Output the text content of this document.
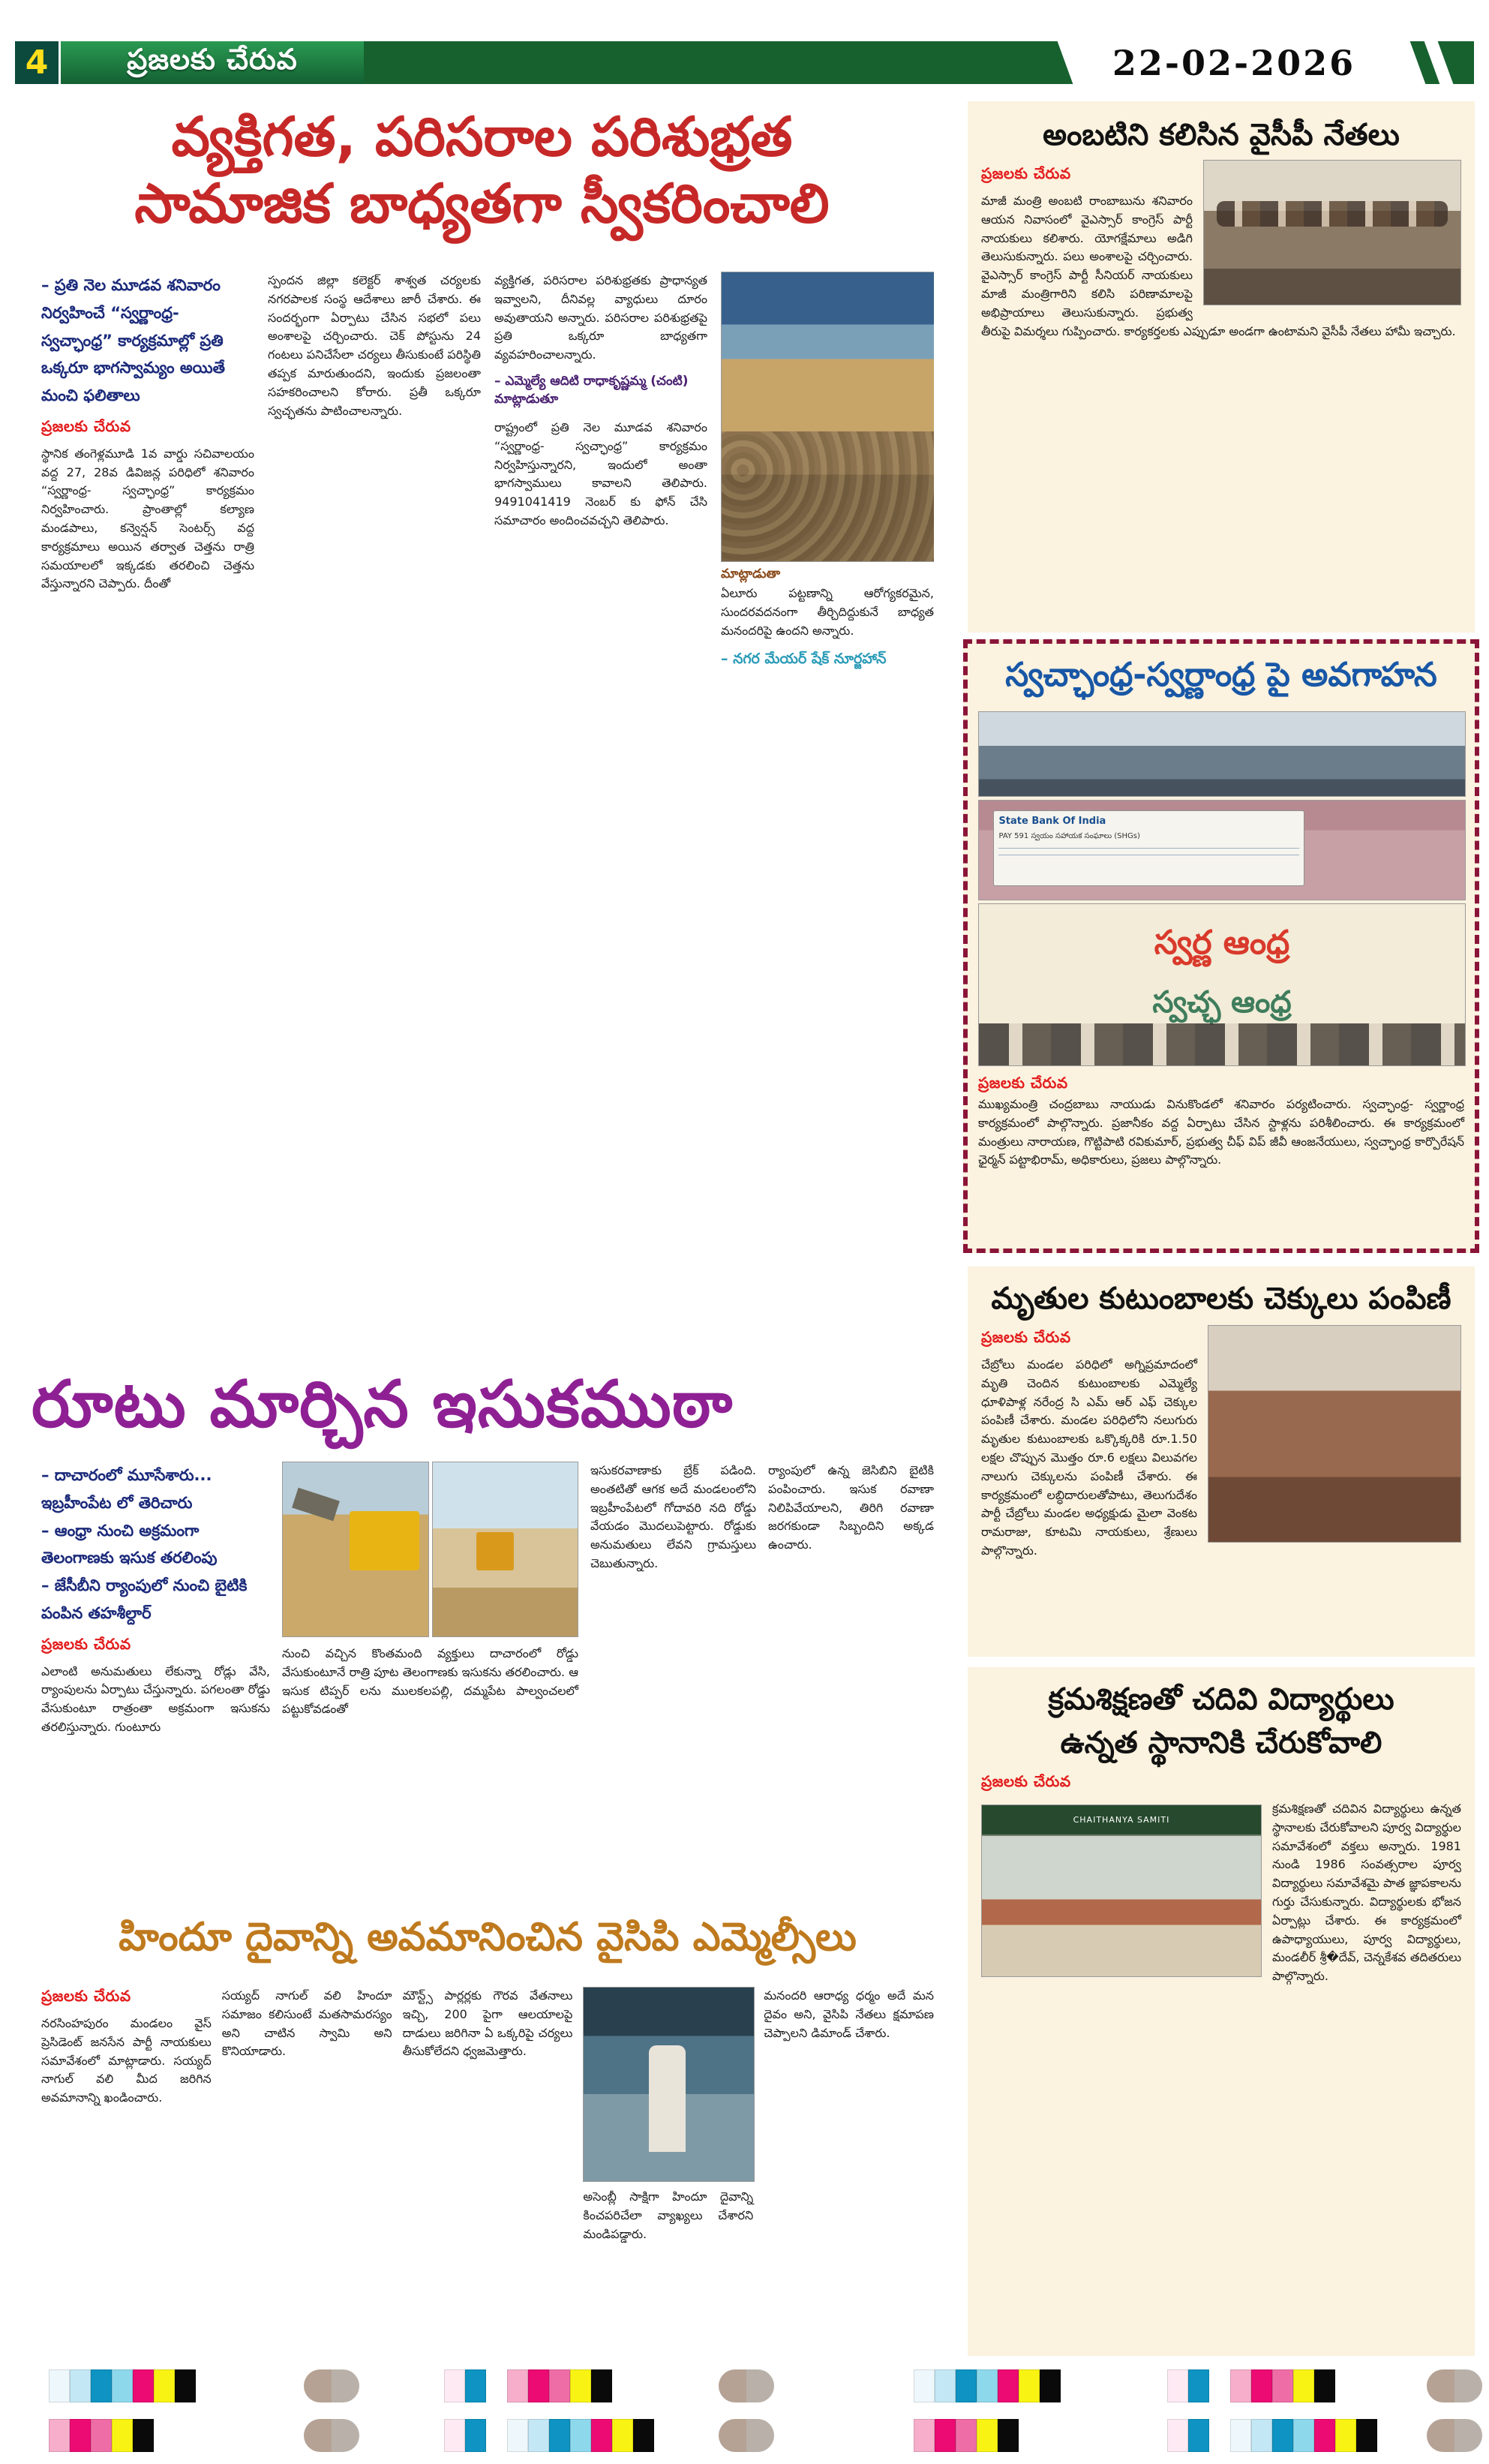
4	ప్రజలకు చేరువ	22-02-2026
వ్యక్తిగత, పరిసరాల పరిశుభ్రత
సామాజిక బాధ్యతగా స్వీకరించాలి
– ప్రతి నెల మూడవ శనివారం నిర్వహించే “స్వర్ణాంధ్ర- స్వచ్ఛాంధ్ర” కార్యక్రమాల్లో ప్రతి ఒక్కరూ భాగస్వామ్యం అయితే మంచి ఫలితాలు
ప్రజలకు చేరువ
స్థానిక తంగెళ్లమూడి 1వ వార్డు సచివాలయం వద్ద 27, 28వ డివిజన్ల పరిధిలో శనివారం “స్వర్ణాంధ్ర- స్వచ్ఛాంధ్ర” కార్యక్రమం నిర్వహించారు. ప్రాంతాల్లో కల్యాణ మండపాలు, కన్వెన్షన్ సెంటర్స్ వద్ద కార్యక్రమాలు అయిన తర్వాత చెత్తను రాత్రి సమయాలలో ఇక్కడకు తరలించి చెత్తను వేస్తున్నారని చెప్పారు. దీంతో
స్పందన జిల్లా కలెక్టర్ శాశ్వత చర్యలకు నగరపాలక సంస్థ ఆదేశాలు జారీ చేశారు. ఈ సందర్భంగా ఏర్పాటు చేసిన సభలో పలు అంశాలపై చర్చించారు. చెక్ పోస్టును 24 గంటలు పనిచేసేలా చర్యలు తీసుకుంటే పరిస్థితి తప్పక మారుతుందని, ఇందుకు ప్రజలంతా సహకరించాలని కోరారు. ప్రతీ ఒక్కరూ స్వచ్ఛతను పాటించాలన్నారు.
వ్యక్తిగత, పరిసరాల పరిశుభ్రతకు ప్రాధాన్యత ఇవ్వాలని, దీనివల్ల వ్యాధులు దూరం అవుతాయని అన్నారు. పరిసరాల పరిశుభ్రతపై ప్రతి ఒక్కరూ బాధ్యతగా వ్యవహరించాలన్నారు.
– ఎమ్మెల్యే ఆదిటి రాధాకృష్ణమ్మ (చంటి) మాట్లాడుతూ
రాష్ట్రంలో ప్రతి నెల మూడవ శనివారం “స్వర్ణాంధ్ర- స్వచ్ఛాంధ్ర” కార్యక్రమం నిర్వహిస్తున్నారని, ఇందులో అంతా భాగస్వాములు కావాలని తెలిపారు. 9491041419 నెంబర్ కు ఫోన్ చేసి సమాచారం అందించవచ్చని తెలిపారు.
మాట్లాడుతా
ఏలూరు పట్టణాన్ని ఆరోగ్యకరమైన, సుందరవదనంగా తీర్చిదిద్దుకునే బాధ్యత మనందరిపై ఉందని అన్నారు.
– నగర మేయర్ షేక్ నూర్జహాన్
రూటు మార్చిన ఇసుకముఠా
– దాచారంలో మూసేశారు... ఇబ్రహీంపేట లో తెరిచారు
– ఆంధ్రా నుంచి అక్రమంగా తెలంగాణకు ఇసుక తరలింపు
– జేసీబీని ర్యాంపులో నుంచి బైటికి పంపిన తహశీల్దార్
ప్రజలకు చేరువ
ఎలాంటి అనుమతులు లేకున్నా రోడ్లు వేసి, ర్యాంపులను ఏర్పాటు చేస్తున్నారు. పగలంతా రోడ్డు వేసుకుంటూ రాత్రంతా అక్రమంగా ఇసుకను తరలిస్తున్నారు. గుంటూరు
నుంచి వచ్చిన కొంతమంది వ్యక్తులు దాచారంలో రోడ్డు వేసుకుంటూనే రాత్రి పూట తెలంగాణకు ఇసుకను తరలించారు. ఆ ఇసుక టిప్పర్ లను ములకలపల్లి, దమ్మపేట పాల్వంచలలో పట్టుకోవడంతో
ఇసుకరవాణాకు బ్రేక్ పడింది. అంతటితో ఆగక అదే మండలంలోని ఇబ్రహీంపేటలో గోదావరి నది రోడ్డు వేయడం మొదలుపెట్టారు. రోడ్డుకు అనుమతులు లేవని గ్రామస్తులు చెబుతున్నారు.
ర్యాంపులో ఉన్న జెసిబిని బైటికి పంపించారు. ఇసుక రవాణా నిలిపివేయాలని, తిరిగి రవాణా జరగకుండా సిబ్బందిని అక్కడ ఉంచారు.
హిందూ దైవాన్ని అవమానించిన వైసిపి ఎమ్మెల్సీలు
ప్రజలకు చేరువ
నరసింహపురం మండలం వైస్ ప్రెసిడెంట్ జనసేన పార్టీ నాయకులు సమావేశంలో మాట్లాడారు. సయ్యద్ నాగుల్ వలి మీద జరిగిన అవమానాన్ని ఖండించారు.
సయ్యద్ నాగుల్ వలి హిందూ సమాజం కలిసుంటే మతసామరస్యం అని చాటిన స్వామి అని కొనియాడారు.
మౌన్ట్స్ పార్లర్లకు గౌరవ వేతనాలు ఇచ్చి, 200 పైగా ఆలయాలపై దాడులు జరిగినా ఏ ఒక్కరిపై చర్యలు తీసుకోలేదని ధ్వజమెత్తారు.
అసెంబ్లీ సాక్షిగా హిందూ దైవాన్ని కించపరిచేలా వ్యాఖ్యలు చేశారని మండిపడ్డారు.
మనందరి ఆరాధ్య ధర్మం అదే మన దైవం అని, వైసిపి నేతలు క్షమాపణ చెప్పాలని డిమాండ్ చేశారు.
అంబటిని కలిసిన వైసీపీ నేతలు
ప్రజలకు చేరువ
మాజీ మంత్రి అంబటి రాంబాబును శనివారం ఆయన నివాసంలో వైఎస్సార్ కాంగ్రెస్ పార్టీ నాయకులు కలిశారు. యోగక్షేమాలు అడిగి తెలుసుకున్నారు. పలు అంశాలపై చర్చించారు. వైఎస్సార్ కాంగ్రెస్ పార్టీ సీనియర్ నాయకులు మాజీ మంత్రిగారిని కలిసి పరిణామాలపై అభిప్రాయాలు తెలుసుకున్నారు. ప్రభుత్వ తీరుపై విమర్శలు గుప్పించారు. కార్యకర్తలకు ఎప్పుడూ అండగా ఉంటామని వైసీపీ నేతలు హామీ ఇచ్చారు.
స్వచ్ఛాంధ్ర-స్వర్ణాంధ్ర పై అవగాహన
State Bank Of India
PAY 591 స్వయం సహాయక సంఘాలు (SHGs)
స్వర్ణ ఆంధ్ర
స్వచ్ఛ ఆంధ్ర
ప్రజలకు చేరువ
ముఖ్యమంత్రి చంద్రబాబు నాయుడు వినుకొండలో శనివారం పర్యటించారు. స్వచ్ఛాంధ్ర- స్వర్ణాంధ్ర కార్యక్రమంలో పాల్గొన్నారు. ప్రజానీకం వద్ద ఏర్పాటు చేసిన స్టాళ్లను పరిశీలించారు. ఈ కార్యక్రమంలో మంత్రులు నారాయణ, గొట్టిపాటి రవికుమార్, ప్రభుత్వ చీఫ్ విప్ జీవీ ఆంజనేయులు, స్వచ్ఛాంధ్ర కార్పొరేషన్ ఛైర్మన్ పట్టాభిరామ్, అధికారులు, ప్రజలు పాల్గొన్నారు.
మృతుల కుటుంబాలకు చెక్కులు పంపిణీ
ప్రజలకు చేరువ
చేబ్రోలు మండల పరిధిలో అగ్నిప్రమాదంలో మృతి చెందిన కుటుంబాలకు ఎమ్మెల్యే ధూళిపాళ్ల నరేంద్ర సి ఎమ్ ఆర్ ఎఫ్ చెక్కుల పంపిణీ చేశారు. మండల పరిధిలోని నలుగురు మృతుల కుటుంబాలకు ఒక్కొక్కరికి రూ.1.50 లక్షల చొప్పున మొత్తం రూ.6 లక్షలు విలువగల నాలుగు చెక్కులను పంపిణీ చేశారు. ఈ కార్యక్రమంలో లబ్ధిదారులతోపాటు, తెలుగుదేశం పార్టీ చేబ్రోలు మండల అధ్యక్షుడు మైలా వెంకట రామరాజు, కూటమి నాయకులు, శ్రేణులు పాల్గొన్నారు.
క్రమశిక్షణతో చదివి విద్యార్థులు
ఉన్నత స్థానానికి చేరుకోవాలి
ప్రజలకు చేరువ
CHAITHANYA SAMITI
క్రమశిక్షణతో చదివిన విద్యార్థులు ఉన్నత స్థానాలకు చేరుకోవాలని పూర్వ విద్యార్థుల సమావేశంలో వక్తలు అన్నారు. 1981 నుండి 1986 సంవత్సరాల పూర్వ విద్యార్థులు సమావేశమై పాత జ్ఞాపకాలను గుర్తు చేసుకున్నారు. విద్యార్థులకు భోజన ఏర్పాట్లు చేశారు. ఈ కార్యక్రమంలో ఉపాధ్యాయులు, పూర్వ విద్యార్థులు, మండలీర్ శ్రీ�దేవ్, చెన్నకేశవ తదితరులు పాల్గొన్నారు.
